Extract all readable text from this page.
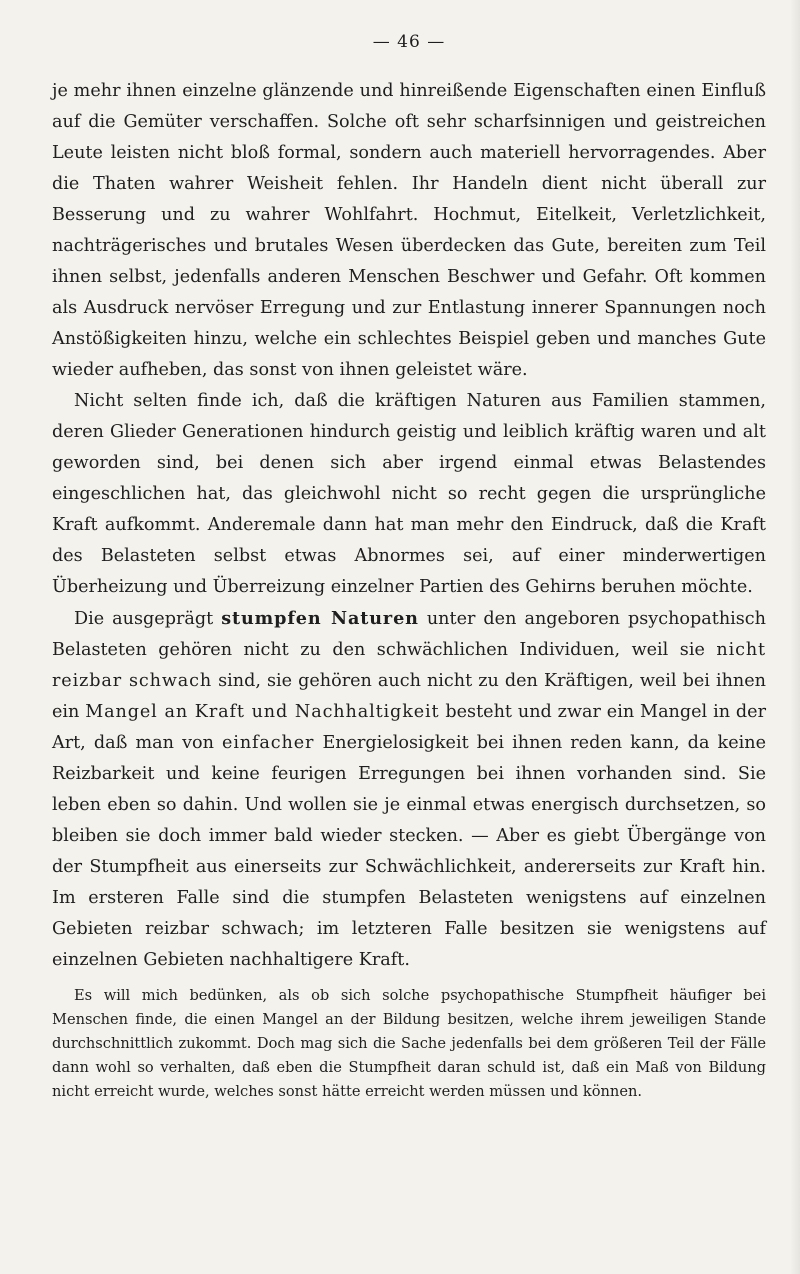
— 46 —

je mehr ihnen einzelne glänzende und hinreißende Eigenschaften einen Einfluß auf die Gemüter verschaffen. Solche oft sehr scharfsinnigen und geistreichen Leute leisten nicht bloß formal, sondern auch materiell hervorragendes. Aber die Thaten wahrer Weisheit fehlen. Ihr Handeln dient nicht überall zur Besserung und zu wahrer Wohlfahrt. Hochmut, Eitelkeit, Verletzlichkeit, nachträgerisches und brutales Wesen überdecken das Gute, bereiten zum Teil ihnen selbst, jedenfalls anderen Menschen Beschwer und Gefahr. Oft kommen als Ausdruck nervöser Erregung und zur Entlastung innerer Spannungen noch Anstößigkeiten hinzu, welche ein schlechtes Beispiel geben und manches Gute wieder aufheben, das sonst von ihnen geleistet wäre.

Nicht selten finde ich, daß die kräftigen Naturen aus Familien stammen, deren Glieder Generationen hindurch geistig und leiblich kräftig waren und alt geworden sind, bei denen sich aber irgend einmal etwas Belastendes eingeschlichen hat, das gleichwohl nicht so recht gegen die ursprüngliche Kraft aufkommt. Anderemale dann hat man mehr den Eindruck, daß die Kraft des Belasteten selbst etwas Abnormes sei, auf einer minderwertigen Überheizung und Überreizung einzelner Partien des Gehirns beruhen möchte.

Die ausgeprägt stumpfen Naturen unter den angeboren psychopathisch Belasteten gehören nicht zu den schwächlichen Individuen, weil sie nicht reizbar schwach sind, sie gehören auch nicht zu den Kräftigen, weil bei ihnen ein Mangel an Kraft und Nachhaltigkeit besteht und zwar ein Mangel in der Art, daß man von einfacher Energielosigkeit bei ihnen reden kann, da keine Reizbarkeit und keine feurigen Erregungen bei ihnen vorhanden sind. Sie leben eben so dahin. Und wollen sie je einmal etwas energisch durchsetzen, so bleiben sie doch immer bald wieder stecken. — Aber es giebt Übergänge von der Stumpfheit aus einerseits zur Schwächlichkeit, andererseits zur Kraft hin. Im ersteren Falle sind die stumpfen Belasteten wenigstens auf einzelnen Gebieten reizbar schwach; im letzteren Falle besitzen sie wenigstens auf einzelnen Gebieten nachhaltigere Kraft.

Es will mich bedünken, als ob sich solche psychopathische Stumpfheit häufiger bei Menschen finde, die einen Mangel an der Bildung besitzen, welche ihrem jeweiligen Stande durchschnittlich zukommt. Doch mag sich die Sache jedenfalls bei dem größeren Teil der Fälle dann wohl so verhalten, daß eben die Stumpfheit daran schuld ist, daß ein Maß von Bildung nicht erreicht wurde, welches sonst hätte erreicht werden müssen und können.
